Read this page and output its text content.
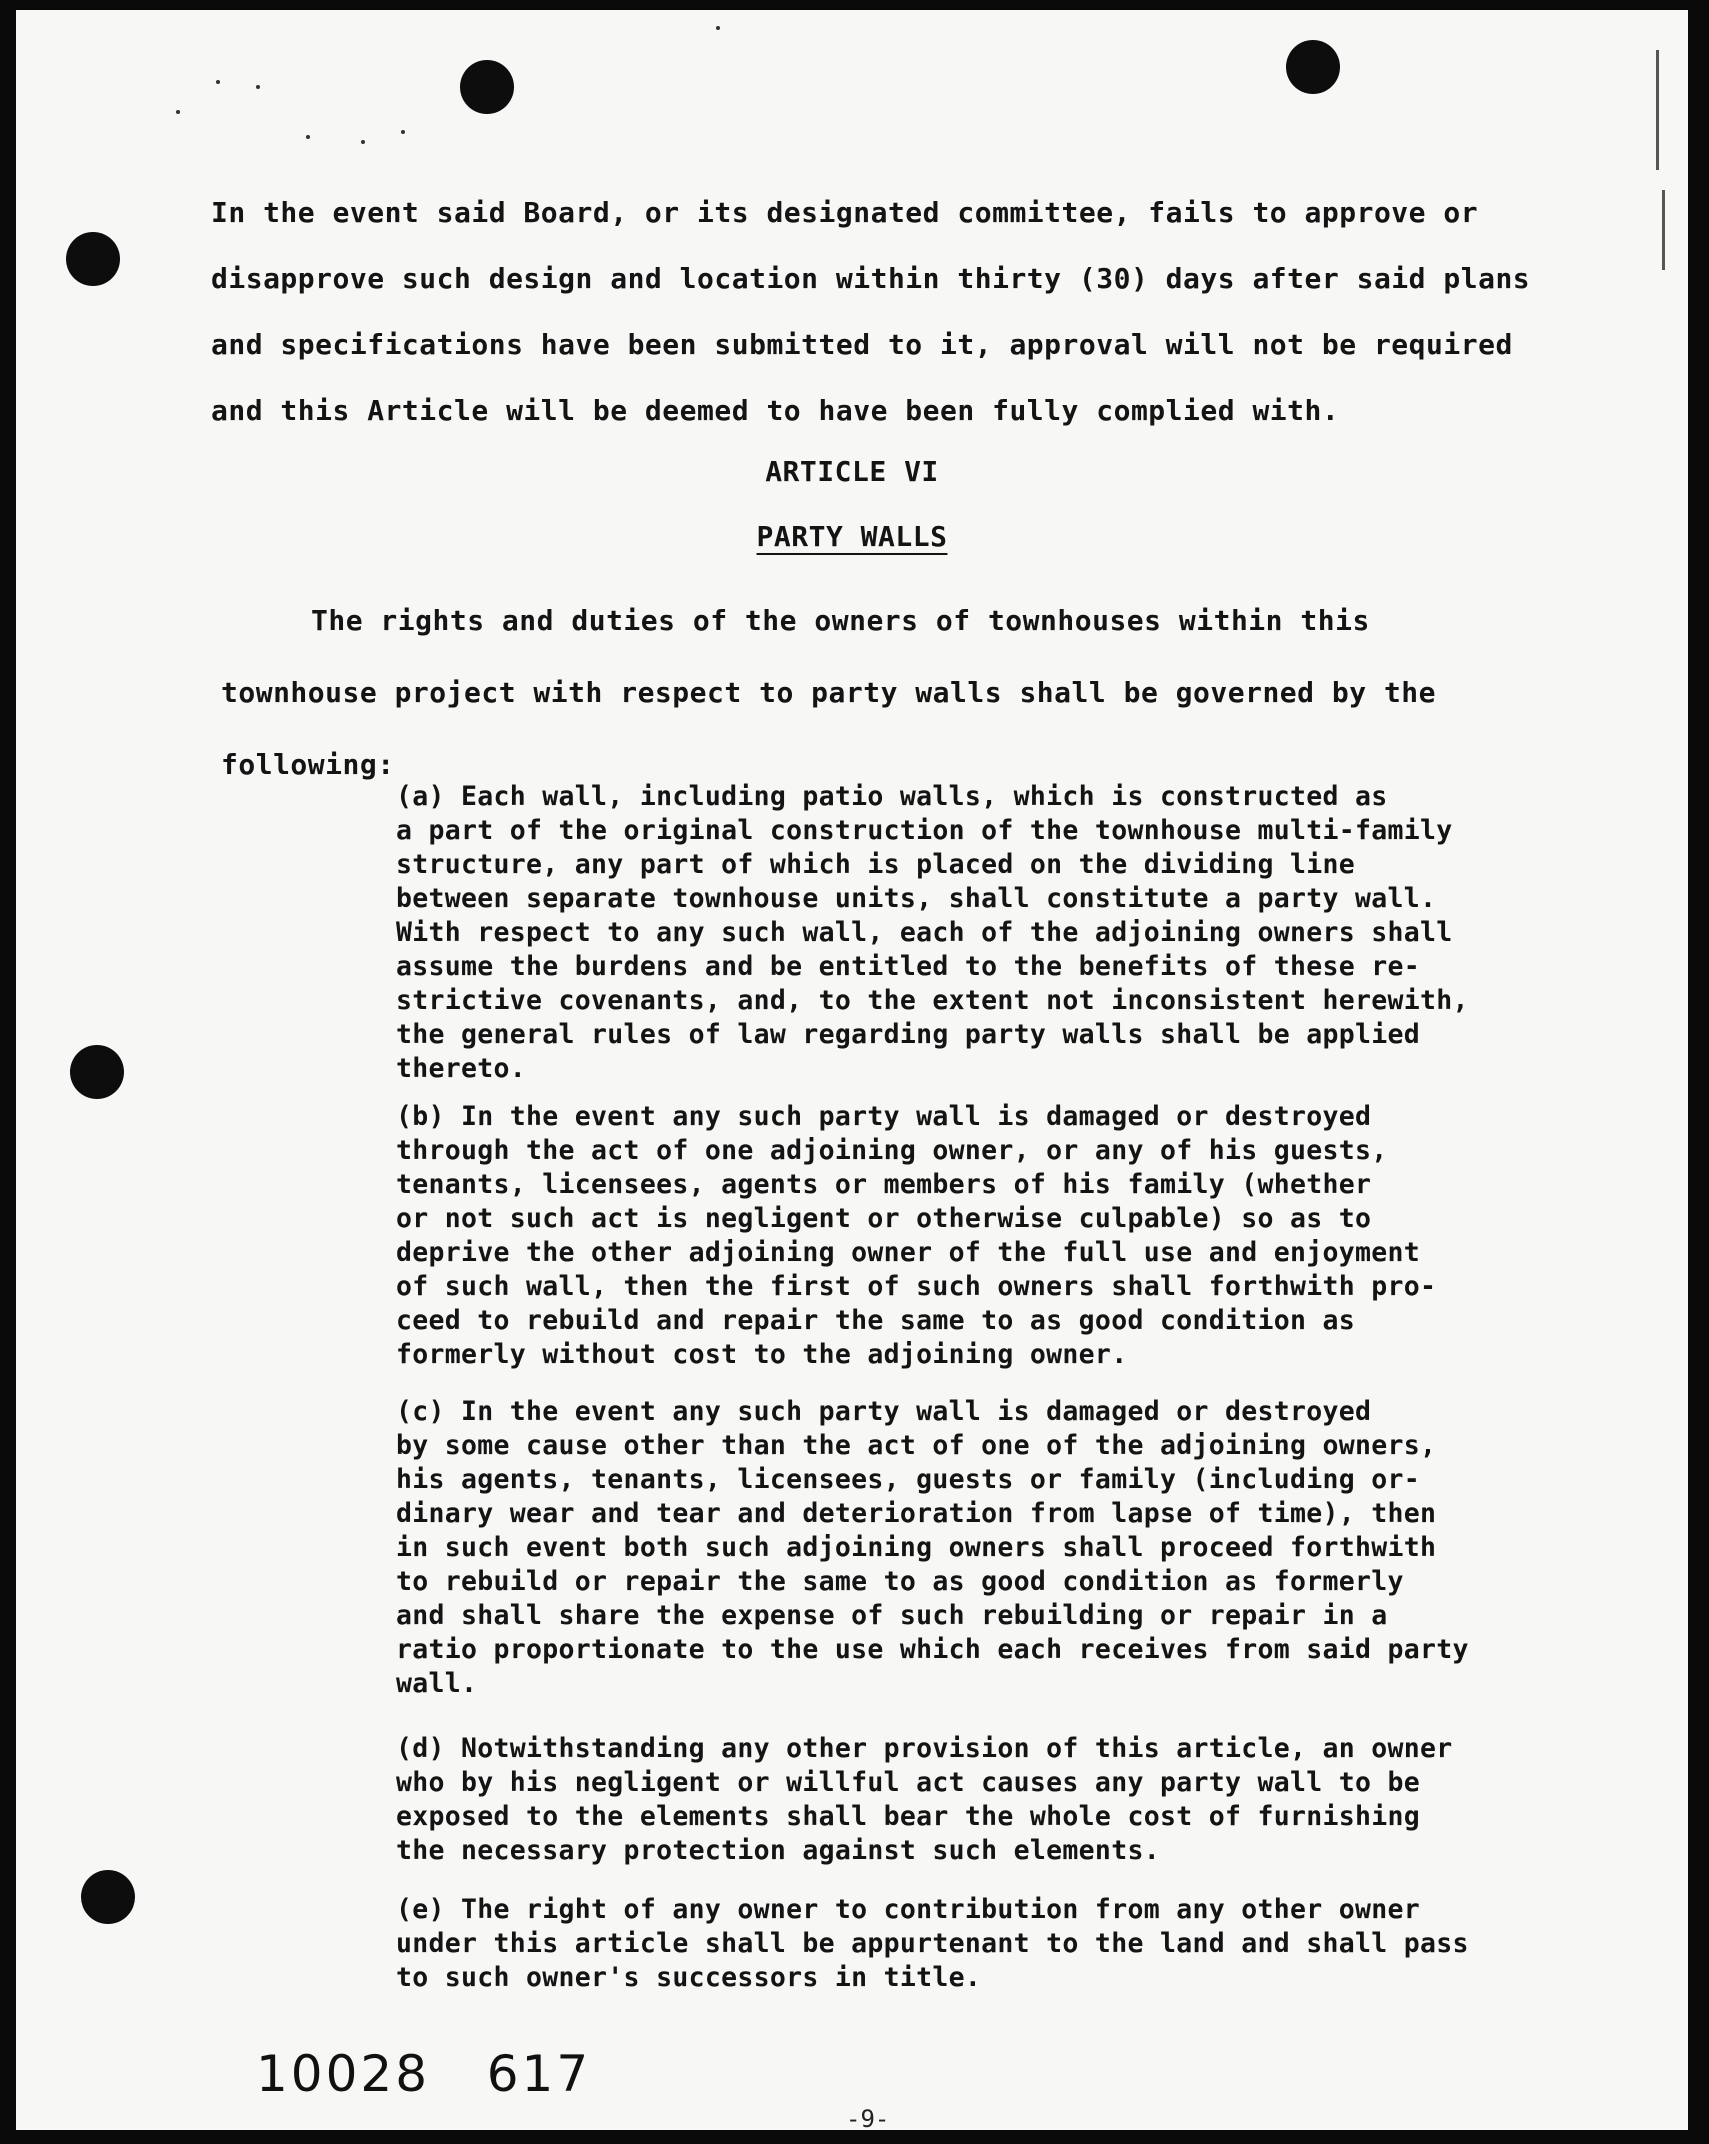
In the event said Board, or its designated committee, fails to approve or

disapprove such design and location within thirty (30) days after said plans

and specifications have been submitted to it, approval will not be required

and this Article will be deemed to have been fully complied with.

ARTICLE VI

PARTY WALLS

The rights and duties of the owners of townhouses within this

townhouse project with respect to party walls shall be governed by the

following:

(a) Each wall, including patio walls, which is constructed as
a part of the original construction of the townhouse multi-family
structure, any part of which is placed on the dividing line
between separate townhouse units, shall constitute a party wall.
With respect to any such wall, each of the adjoining owners shall
assume the burdens and be entitled to the benefits of these re-
strictive covenants, and, to the extent not inconsistent herewith,
the general rules of law regarding party walls shall be applied
thereto.

(b) In the event any such party wall is damaged or destroyed
through the act of one adjoining owner, or any of his guests,
tenants, licensees, agents or members of his family (whether
or not such act is negligent or otherwise culpable) so as to
deprive the other adjoining owner of the full use and enjoyment
of such wall, then the first of such owners shall forthwith pro-
ceed to rebuild and repair the same to as good condition as
formerly without cost to the adjoining owner.

(c) In the event any such party wall is damaged or destroyed
by some cause other than the act of one of the adjoining owners,
his agents, tenants, licensees, guests or family (including or-
dinary wear and tear and deterioration from lapse of time), then
in such event both such adjoining owners shall proceed forthwith
to rebuild or repair the same to as good condition as formerly
and shall share the expense of such rebuilding or repair in a
ratio proportionate to the use which each receives from said party
wall.

(d) Notwithstanding any other provision of this article, an owner
who by his negligent or willful act causes any party wall to be
exposed to the elements shall bear the whole cost of furnishing
the necessary protection against such elements.

(e) The right of any owner to contribution from any other owner
under this article shall be appurtenant to the land and shall pass
to such owner's successors in title.

10028   617
-9-
